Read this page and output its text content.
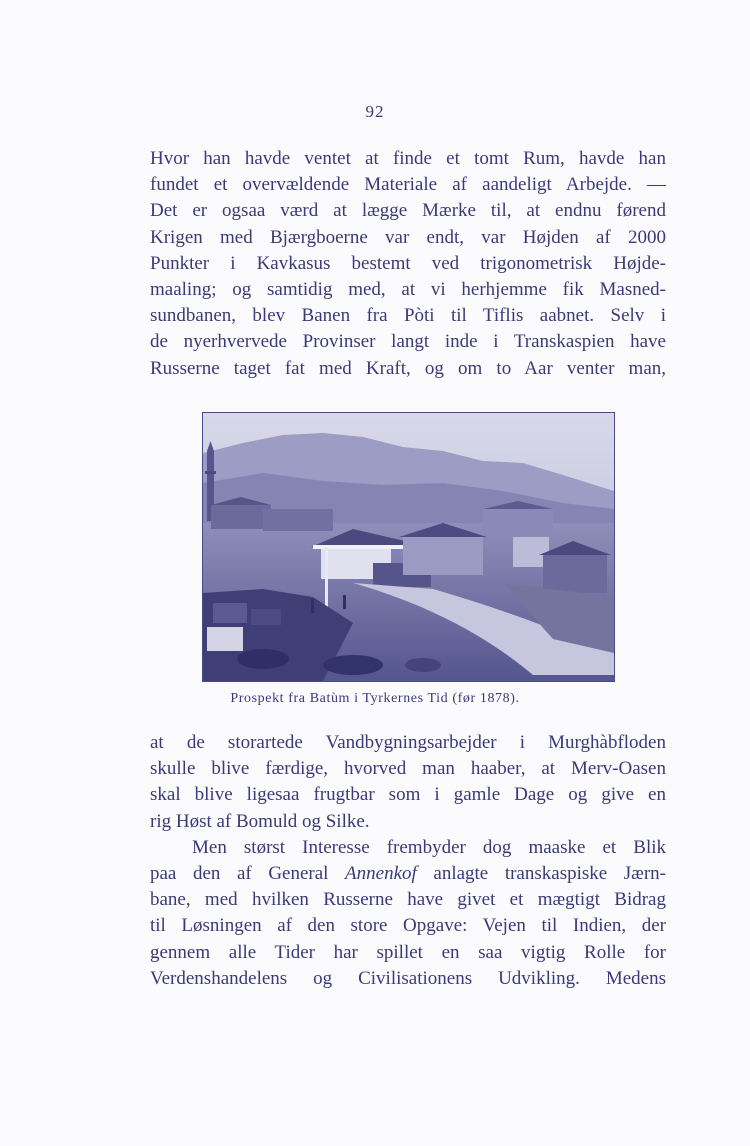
92
Hvor han havde ventet at finde et tomt Rum, havde han
fundet et overvældende Materiale af aandeligt Arbejde. —
Det er ogsaa værd at lægge Mærke til, at endnu førend
Krigen med Bjærgboerne var endt, var Højden af 2000
Punkter i Kavkasus bestemt ved trigonometrisk Højde-
maaling; og samtidig med, at vi herhjemme fik Masned-
sundbanen, blev Banen fra Pòti til Tiflis aabnet. Selv i
de nyerhvervede Provinser langt inde i Transkaspien have
Russerne taget fat med Kraft, og om to Aar venter man,
Prospekt fra Batùm i Tyrkernes Tid (før 1878).
at de storartede Vandbygningsarbejder i Murghàbfloden
skulle blive færdige, hvorved man haaber, at Merv-Oasen
skal blive ligesaa frugtbar som i gamle Dage og give en
rig Høst af Bomuld og Silke.
Men størst Interesse frembyder dog maaske et Blik
paa den af General Annenkof anlagte transkaspiske Jærn-
bane, med hvilken Russerne have givet et mægtigt Bidrag
til Løsningen af den store Opgave: Vejen til Indien, der
gennem alle Tider har spillet en saa vigtig Rolle for
Verdenshandelens og Civilisationens Udvikling. Medens
